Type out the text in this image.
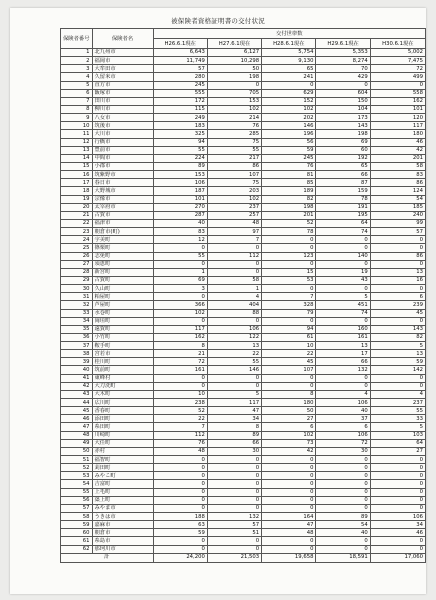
被保険者資格証明書の交付状況
保険者番号	保険者名	交付世帯数				
		H26.6.1現在	H27.6.1現在	H28.6.1現在	H29.6.1現在	H30.6.1現在
1	北九州市	6,643	6,127	5,754	5,353	5,002
2	福岡市	11,749	10,298	9,130	8,274	7,475
3	大牟田市	57	50	65	70	72
4	久留米市	280	198	241	429	499
5	直方市	245	0	0	0	0
6	飯塚市	555	705	629	604	558
7	田川市	172	153	152	150	162
8	柳川市	115	102	102	104	101
9	八女市	249	214	202	173	120
10	筑後市	183	76	146	143	117
11	大川市	325	285	196	198	180
12	行橋市	94	75	56	69	46
13	豊前市	55	55	59	60	42
14	中間市	224	217	245	192	201
15	小郡市	89	86	76	65	58
16	筑紫野市	153	107	81	66	83
17	春日市	106	75	85	87	86
18	大野城市	187	203	189	159	124
19	宗像市	101	102	82	78	54
20	太宰府市	270	237	198	191	185
21	古賀市	287	257	201	195	240
22	福津市	40	48	52	64	99
23	朝倉市(町)	83	97	78	74	57
24	宇美町	12	7	0	0	0
25	篠栗町	0	0	0	0	0
26	志免町	55	112	123	140	86
27	須恵町	0	0	0	0	0
28	新宮町	1	0	15	19	13
29	古賀町	69	58	53	43	16
30	久山町	3	1	0	0	0
31	粕屋町	0	4	7	5	6
32	芦屋町	366	404	328	451	239
33	水巻町	102	88	79	74	45
34	岡垣町	0	0	0	0	0
35	遠賀町	117	106	94	160	143
36	小竹町	162	122	61	161	82
37	鞍手町	8	13	10	13	5
38	宮若市	21	22	22	17	13
39	桂川町	72	55	45	66	59
40	筑前町	161	146	107	132	142
41	東峰村	0	0	0	0	0
42	大刀洗町	0	0	0	0	0
43	大木町	10	5	8	4	4
44	広川町	238	117	180	106	237
45	香春町	52	47	50	40	55
46	添田町	22	34	27	37	33
47	糸田町	7	8	6	6	5
48	川崎町	112	89	102	106	103
49	大任町	76	66	73	72	64
50	赤村	48	30	42	30	27
51	福智町	0	0	0	0	0
52	苅田町	0	0	0	0	0
53	みやこ町	0	0	0	0	0
54	吉富町	0	0	0	0	0
55	上毛町	0	0	0	0	0
56	築上町	0	0	0	0	0
57	みやま市	0	0	0	0	0
58	うきは市	188	132	164	89	106
59	嘉麻市	63	57	47	54	34
60	朝倉市	59	51	48	40	46
61	糸島市	0	0	0	0	0
62	那珂川市	0	0	0	0	0
計		24,200	21,503	19,658	18,591	17,060
